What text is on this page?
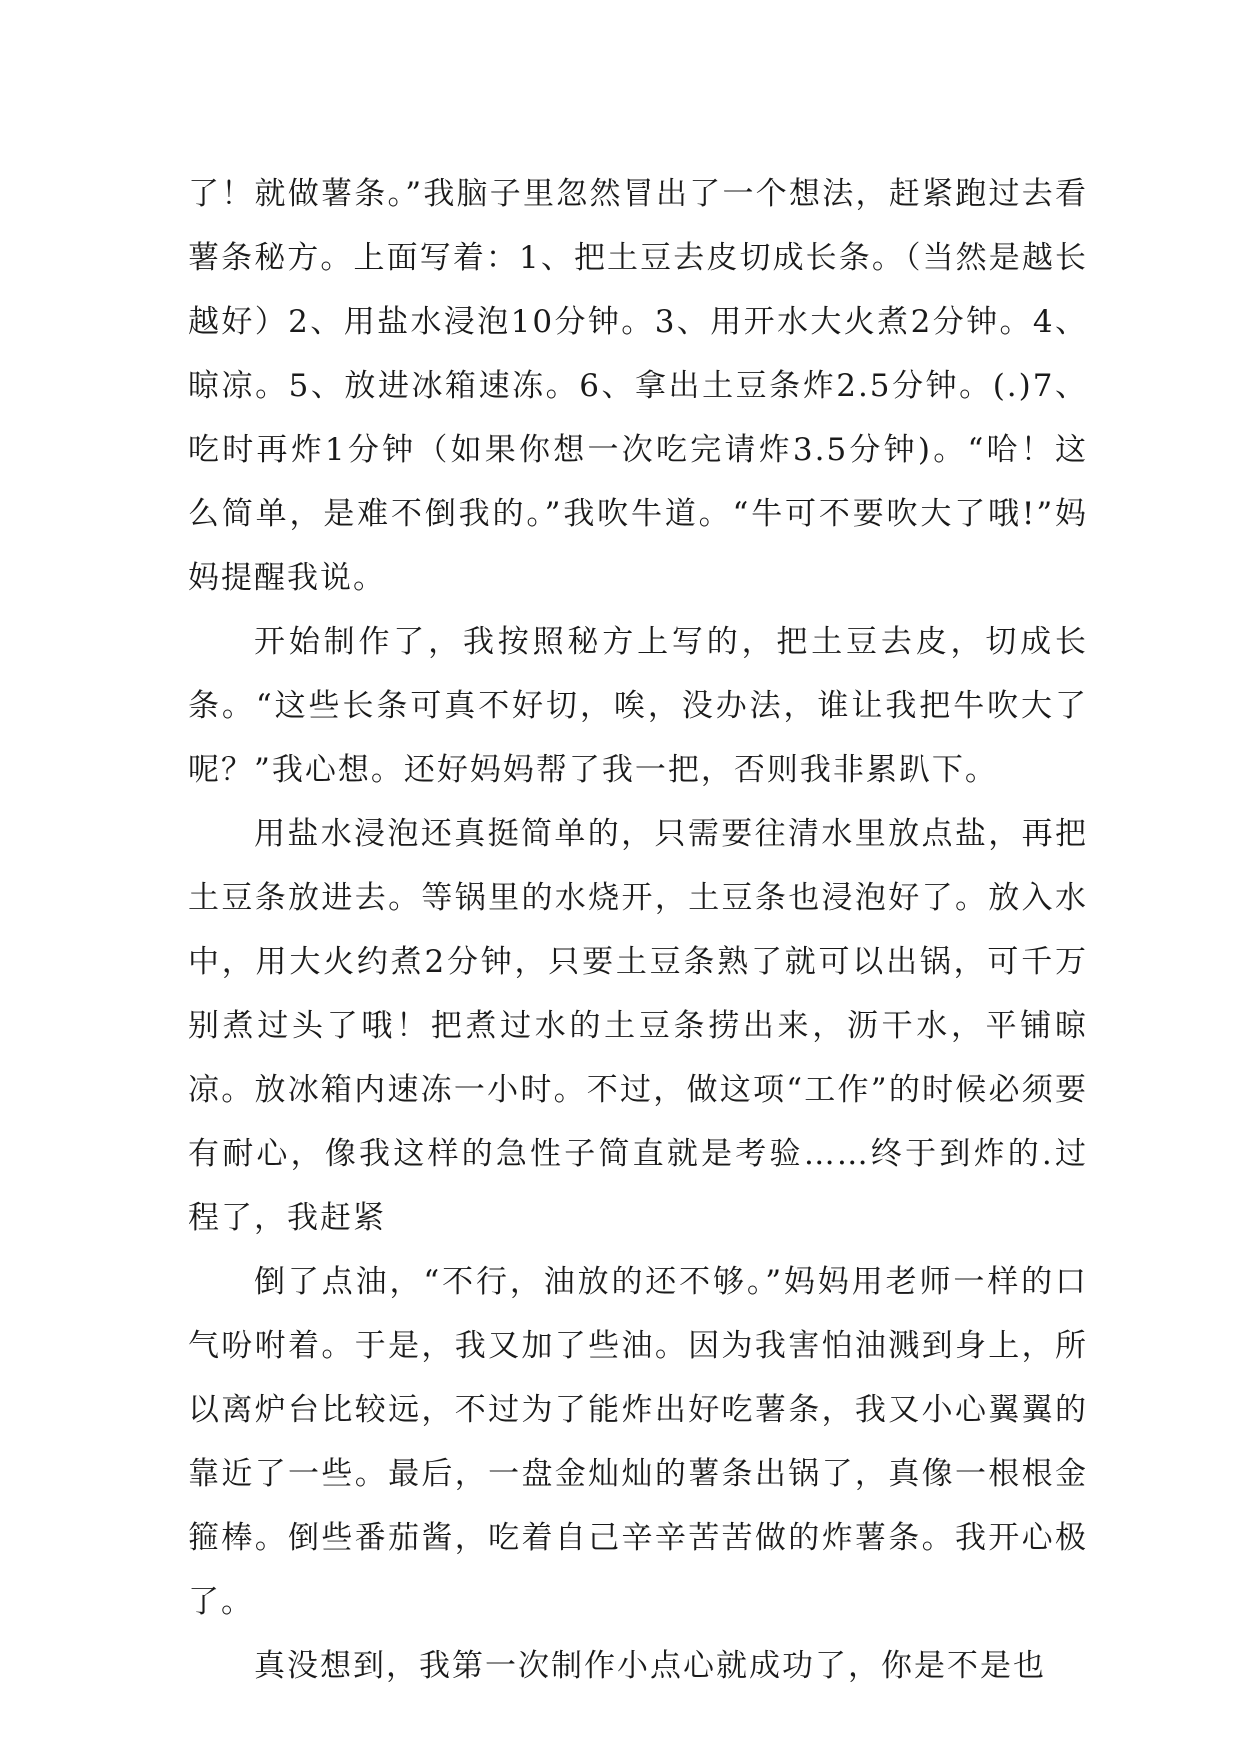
了！就做薯条。”我脑子里忽然冒出了一个想法，赶紧跑过去看薯条秘方。上面写着：1、把土豆去皮切成长条。（当然是越长越好）2、用盐水浸泡10分钟。3、用开水大火煮2分钟。4、晾凉。5、放进冰箱速冻。6、拿出土豆条炸2.5分钟。(.)7、吃时再炸1分钟（如果你想一次吃完请炸3.5分钟)。“哈！这么简单，是难不倒我的。”我吹牛道。“牛可不要吹大了哦!”妈妈提醒我说。

开始制作了，我按照秘方上写的，把土豆去皮，切成长条。“这些长条可真不好切，唉，没办法，谁让我把牛吹大了呢？”我心想。还好妈妈帮了我一把，否则我非累趴下。

用盐水浸泡还真挺简单的，只需要往清水里放点盐，再把土豆条放进去。等锅里的水烧开，土豆条也浸泡好了。放入水中，用大火约煮2分钟，只要土豆条熟了就可以出锅，可千万别煮过头了哦！把煮过水的土豆条捞出来，沥干水，平铺晾凉。放冰箱内速冻一小时。不过，做这项“工作”的时候必须要有耐心，像我这样的急性子简直就是考验……终于到炸的.过程了，我赶紧

倒了点油，“不行，油放的还不够。”妈妈用老师一样的口气吩咐着。于是，我又加了些油。因为我害怕油溅到身上，所以离炉台比较远，不过为了能炸出好吃薯条，我又小心翼翼的靠近了一些。最后，一盘金灿灿的薯条出锅了，真像一根根金箍棒。倒些番茄酱，吃着自己辛辛苦苦做的炸薯条。我开心极了。

真没想到，我第一次制作小点心就成功了，你是不是也
